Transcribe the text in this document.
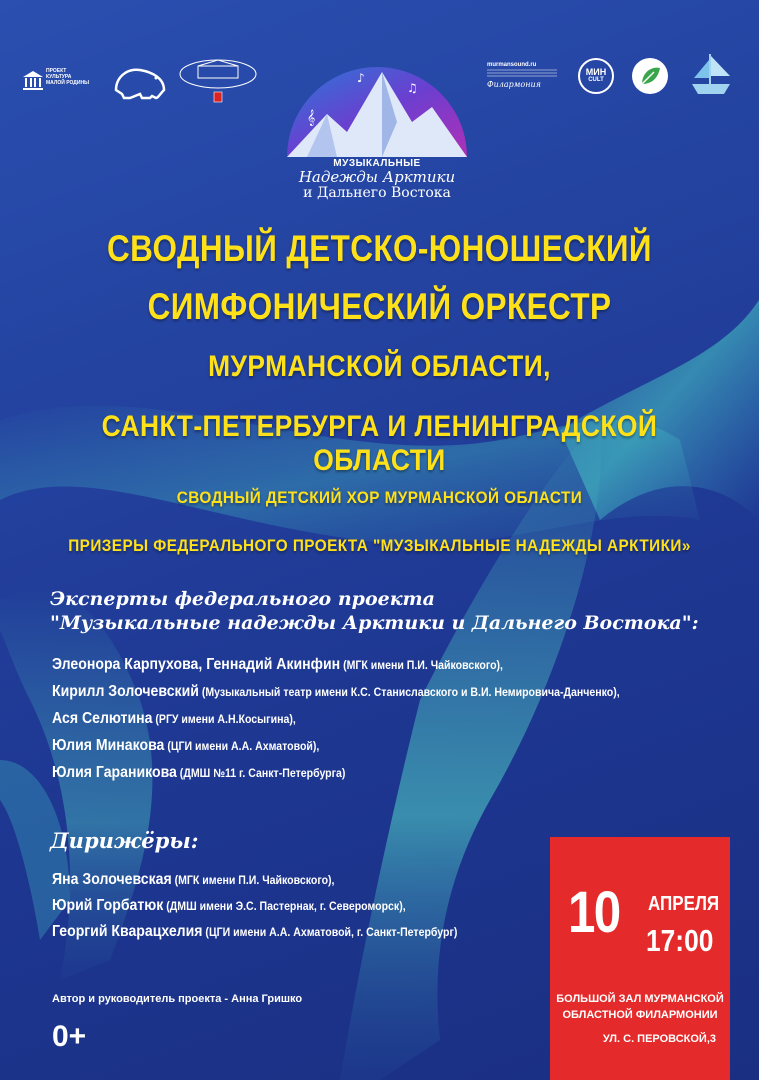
ПРОЕКТ
КУЛЬТУРА
МАЛОЙ РОДИНЫ
𝄞
♪
♫
МУЗЫКАЛЬНЫЕ
Надежды Арктики
и Дальнего Востока
murmansound.ru
Филармония
МИН
CULT
СВОДНЫЙ ДЕТСКО-ЮНОШЕСКИЙ
СИМФОНИЧЕСКИЙ ОРКЕСТР
МУРМАНСКОЙ ОБЛАСТИ,
САНКТ-ПЕТЕРБУРГА И ЛЕНИНГРАДСКОЙ ОБЛАСТИ
СВОДНЫЙ ДЕТСКИЙ ХОР МУРМАНСКОЙ ОБЛАСТИ
ПРИЗЕРЫ ФЕДЕРАЛЬНОГО ПРОЕКТА "МУЗЫКАЛЬНЫЕ НАДЕЖДЫ АРКТИКИ»
Эксперты федерального проекта
"Музыкальные надежды Арктики и Дальнего Востока":
Элеонора Карпухова, Геннадий Акинфин (МГК имени П.И. Чайковского),
Кирилл Золочевский (Музыкальный театр имени К.С. Станиславского и В.И. Немировича-Данченко),
Ася Селютина (РГУ имени А.Н.Косыгина),
Юлия Минакова (ЦГИ имени А.А. Ахматовой),
Юлия Гараникова (ДМШ №11 г. Санкт-Петербурга)
Дирижёры:
Яна Золочевская (МГК имени П.И. Чайковского),
Юрий Горбатюк (ДМШ имени Э.С. Пастернак, г. Североморск),
Георгий Кварацхелия (ЦГИ имени А.А. Ахматовой, г. Санкт-Петербург)
Автор и руководитель проекта - Анна Гришко
0+
10 АПРЕЛЯ
17:00
БОЛЬШОЙ ЗАЛ МУРМАНСКОЙ
ОБЛАСТНОЙ ФИЛАРМОНИИ
УЛ. С. ПЕРОВСКОЙ,3
